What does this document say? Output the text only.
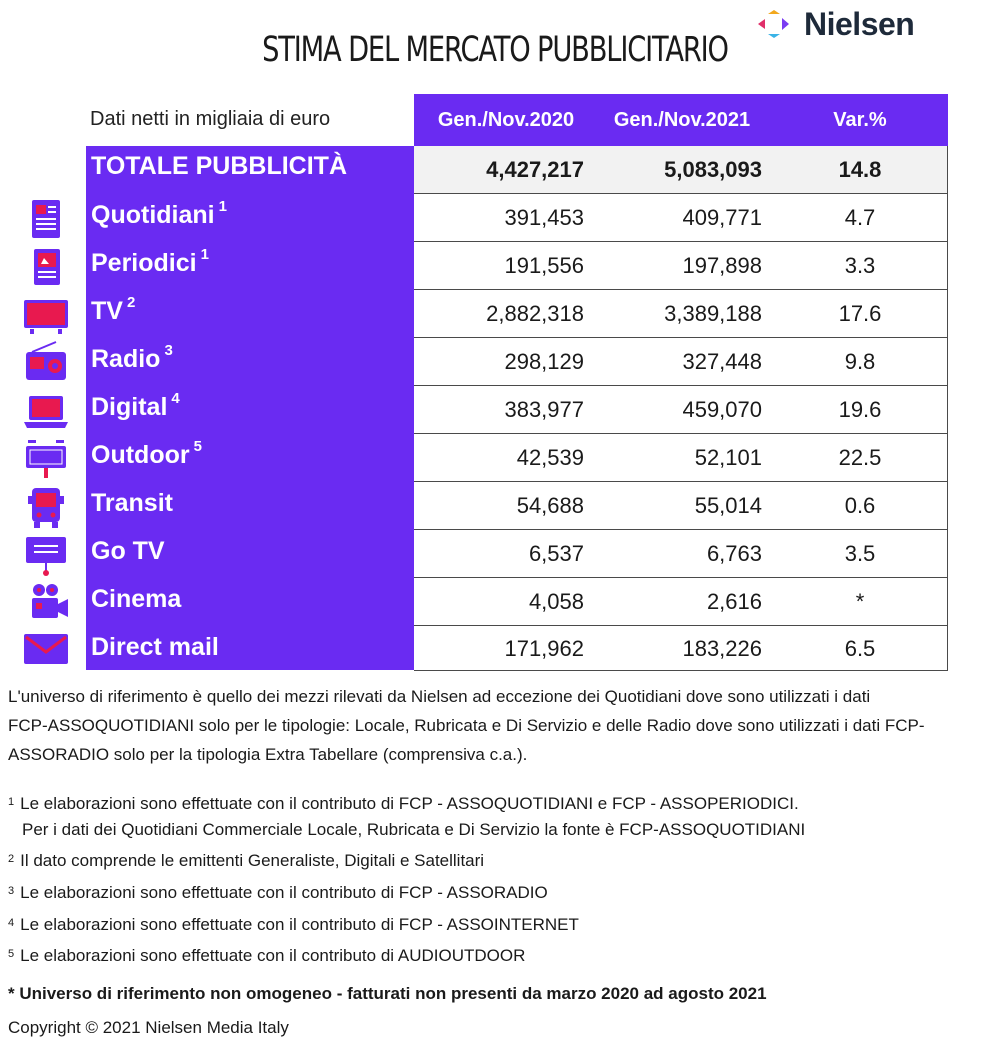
STIMA DEL MERCATO PUBBLICITARIO
Nielsen
Dati netti in migliaia di euro	Gen./Nov.2020	Gen./Nov.2021	Var.%
TOTALE PUBBLICITÀ	4,427,217	5,083,093	14.8
Quotidiani $^1$	391,453	409,771	4.7
Periodici $^1$	191,556	197,898	3.3
TV $^2$	2,882,318	3,389,188	17.6
Radio $^3$	298,129	327,448	9.8
Digital $^4$	383,977	459,070	19.6
Outdoor $^5$	42,539	52,101	22.5
Transit	54,688	55,014	0.6
Go TV	6,537	6,763	3.5
Cinema	4,058	2,616	*
Direct mail	171,962	183,226	6.5
L'universo di riferimento è quello dei mezzi rilevati da Nielsen ad eccezione dei Quotidiani dove sono utilizzati i dati
FCP-ASSOQUOTIDIANI solo per le tipologie: Locale, Rubricata e Di Servizio e delle Radio dove sono utilizzati i dati FCP-
ASSORADIO solo per la tipologia Extra Tabellare (comprensiva c.a.).
$^1$ Le elaborazioni sono effettuate con il contributo di FCP - ASSOQUOTIDIANI e FCP - ASSOPERIODICI.
Per i dati dei Quotidiani Commerciale Locale, Rubricata e Di Servizio la fonte è FCP-ASSOQUOTIDIANI
$^2$ Il dato comprende le emittenti Generaliste, Digitali e Satellitari
$^3$ Le elaborazioni sono effettuate con il contributo di FCP - ASSORADIO
$^4$ Le elaborazioni sono effettuate con il contributo di FCP - ASSOINTERNET
$^5$ Le elaborazioni sono effettuate con il contributo di AUDIOUTDOOR
* Universo di riferimento non omogeneo - fatturati non presenti da marzo 2020 ad agosto 2021
Copyright © 2021 Nielsen Media Italy
